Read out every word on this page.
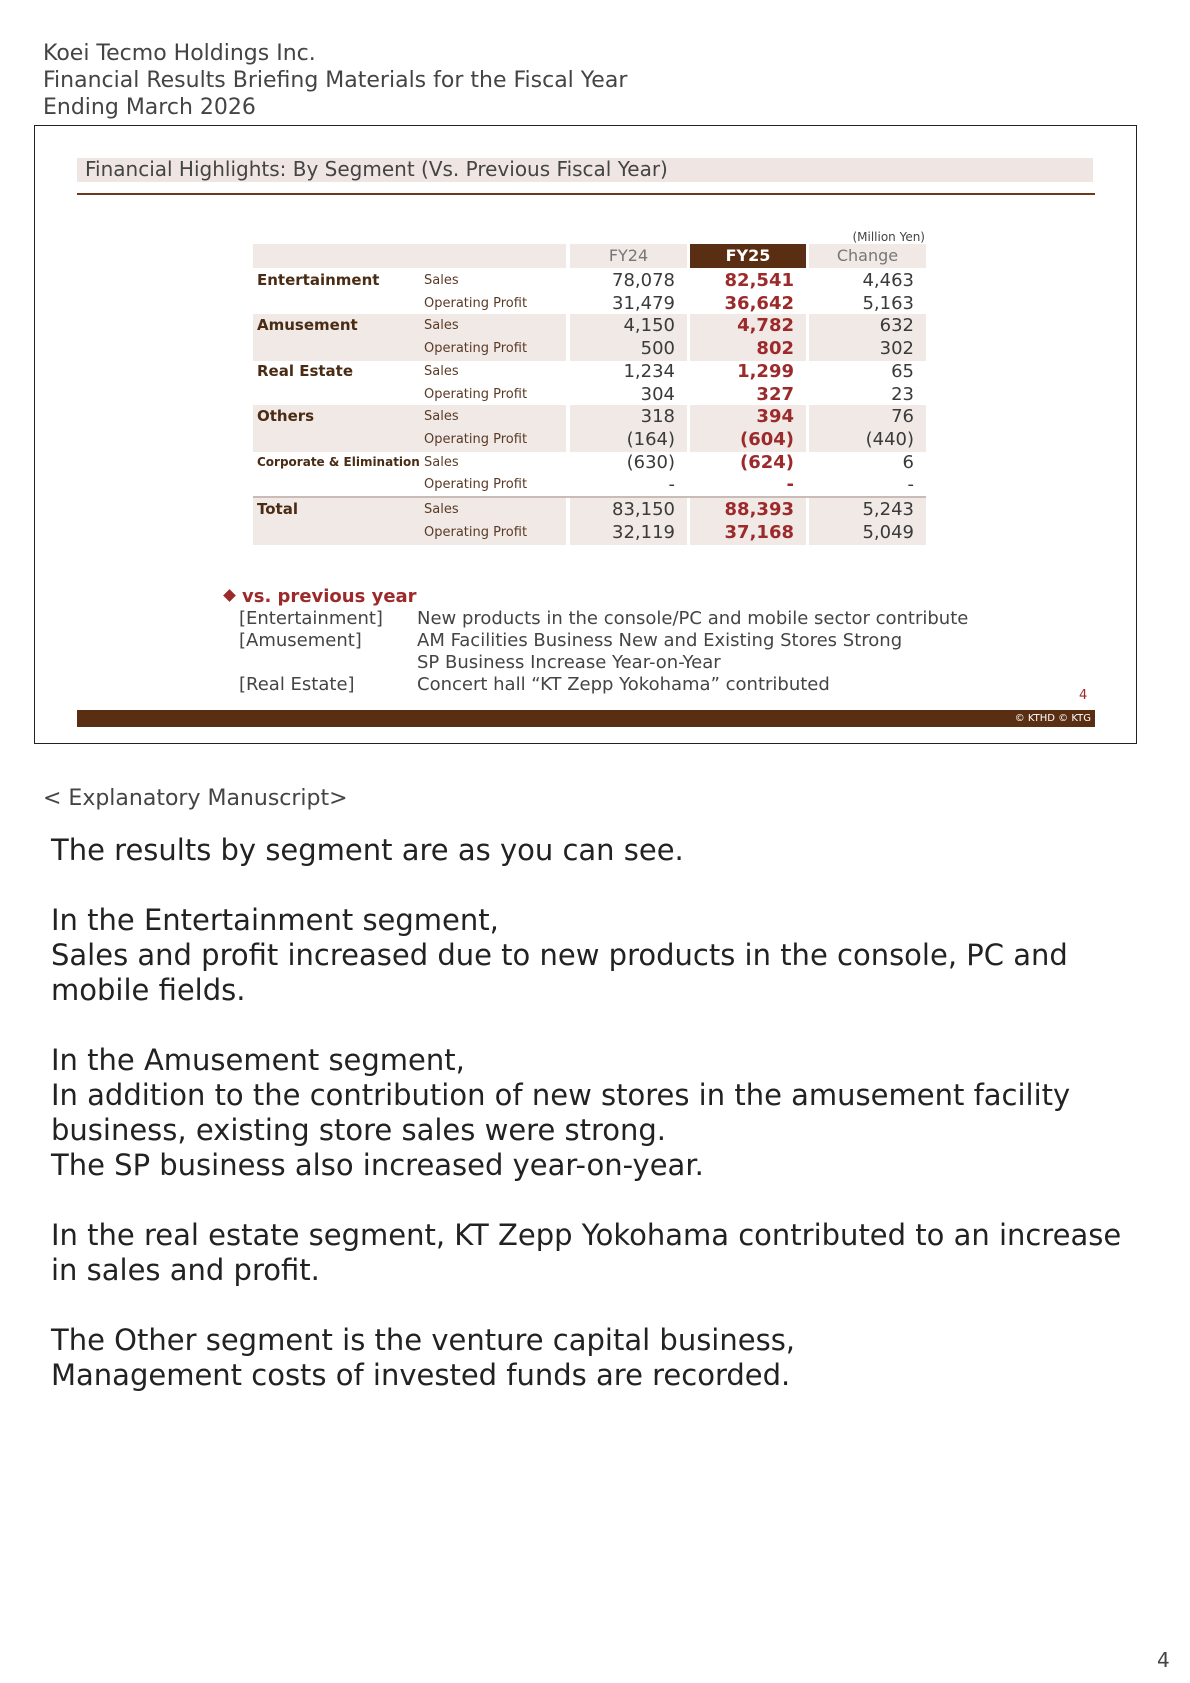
Koei Tecmo Holdings Inc.
Financial Results Briefing Materials for the Fiscal Year
Ending March 2026
Financial Highlights: By Segment (Vs. Previous Fiscal Year)
(Million Yen)
FY24	FY25	Change
Entertainment	Sales	78,078	82,541	4,463
Operating Profit	31,479	36,642	5,163
Amusement	Sales	4,150	4,782	632
Operating Profit	500	802	302
Real Estate	Sales	1,234	1,299	65
Operating Profit	304	327	23
Others	Sales	318	394	76
Operating Profit	(164)	(604)	(440)
Corporate & Elimination Sales	(630)	(624)	6
Operating Profit	-	-	-
Total	Sales	83,150	88,393	5,243
Operating Profit	32,119	37,168	5,049
vs. previous year
[Entertainment] New products in the console/PC and mobile sector contribute
[Amusement]	AM Facilities Business New and Existing Stores Strong
SP Business Increase Year-on-Year
[Real Estate]	Concert hall “KT Zepp Yokohama” contributed
4
© KTHD © KTG
< Explanatory Manuscript>

The results by segment are as you can see.

In the Entertainment segment,
Sales and profit increased due to new products in the console, PC and mobile fields.

In the Amusement segment,
In addition to the contribution of new stores in the amusement facility business, existing store sales were strong.
The SP business also increased year-on-year.

In the real estate segment, KT Zepp Yokohama contributed to an increase in sales and profit.

The Other segment is the venture capital business,
Management costs of invested funds are recorded.

4
